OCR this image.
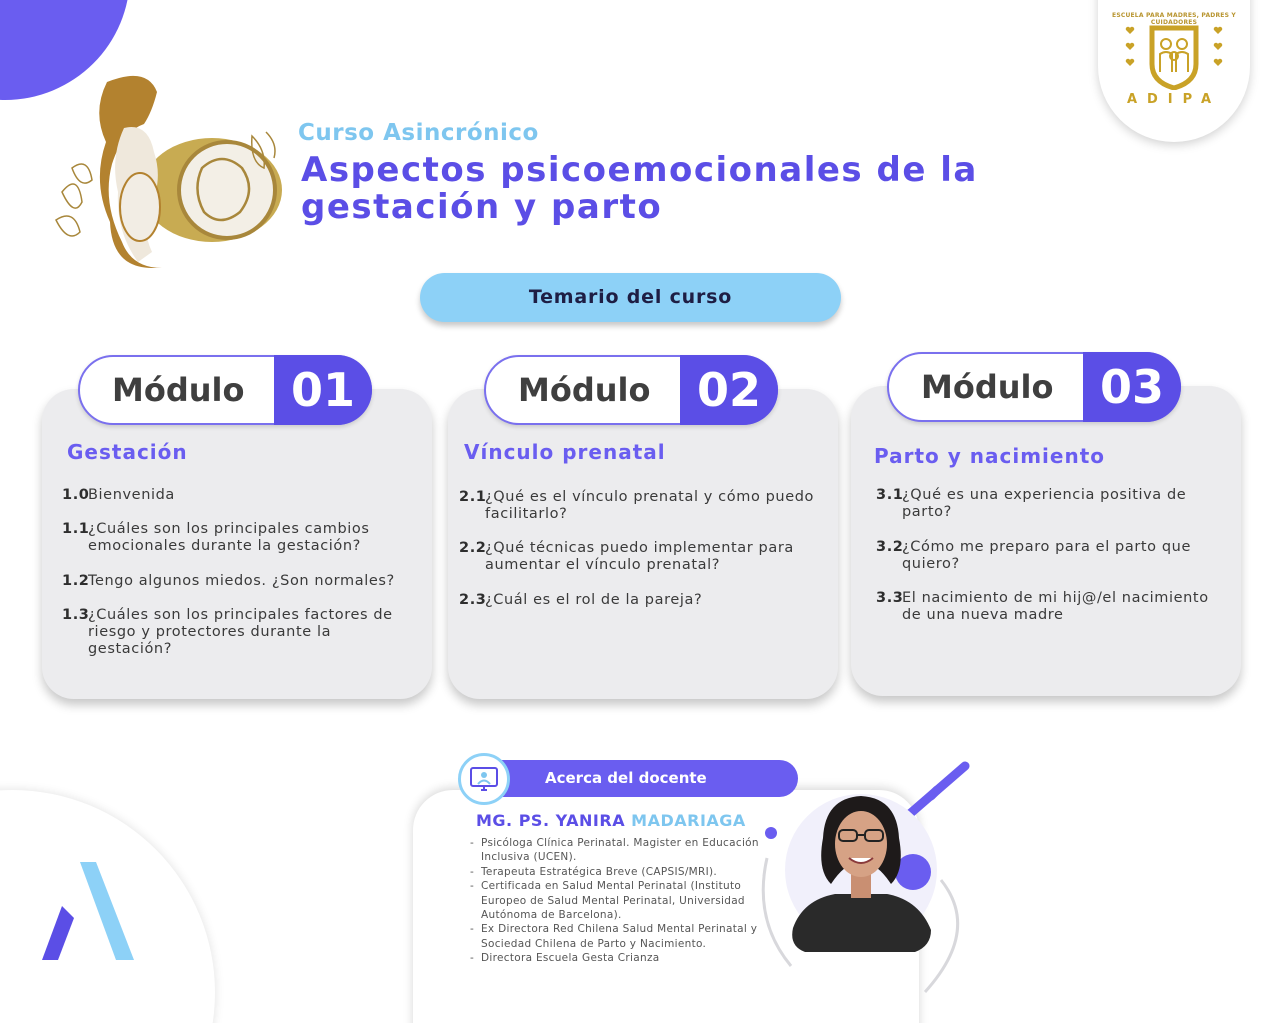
ESCUELA PARA MADRES, PADRES Y CUIDADORES
ADIPA
Curso Asincrónico
Aspectos psicoemocionales de la gestación y parto
Temario del curso
Módulo	01
Gestación
1.0
Bienvenida
1.1
¿Cuáles son los principales cambios emocionales durante la gestación?
1.2
Tengo algunos miedos. ¿Son normales?
1.3
¿Cuáles son los principales factores de riesgo y protectores durante la gestación?
Módulo	02
Vínculo prenatal
2.1
¿Qué es el vínculo prenatal y cómo puedo facilitarlo?
2.2
¿Qué técnicas puedo implementar para aumentar el vínculo prenatal?
2.3
¿Cuál es el rol de la pareja?
Módulo	03
Parto y nacimiento
3.1
¿Qué es una experiencia positiva de parto?
3.2
¿Cómo me preparo para el parto que quiero?
3.3
El nacimiento de mi hij@/el nacimiento de una nueva madre
Acerca del docente
MG. PS. YANIRA MADARIAGA
- Psicóloga Clínica Perinatal. Magister en Educación Inclusiva (UCEN).
- Terapeuta Estratégica Breve (CAPSIS/MRI).
- Certificada en Salud Mental Perinatal (Instituto Europeo de Salud Mental Perinatal, Universidad Autónoma de Barcelona).
- Ex Directora Red Chilena Salud Mental Perinatal y Sociedad Chilena de Parto y Nacimiento.
- Directora Escuela Gesta Crianza
